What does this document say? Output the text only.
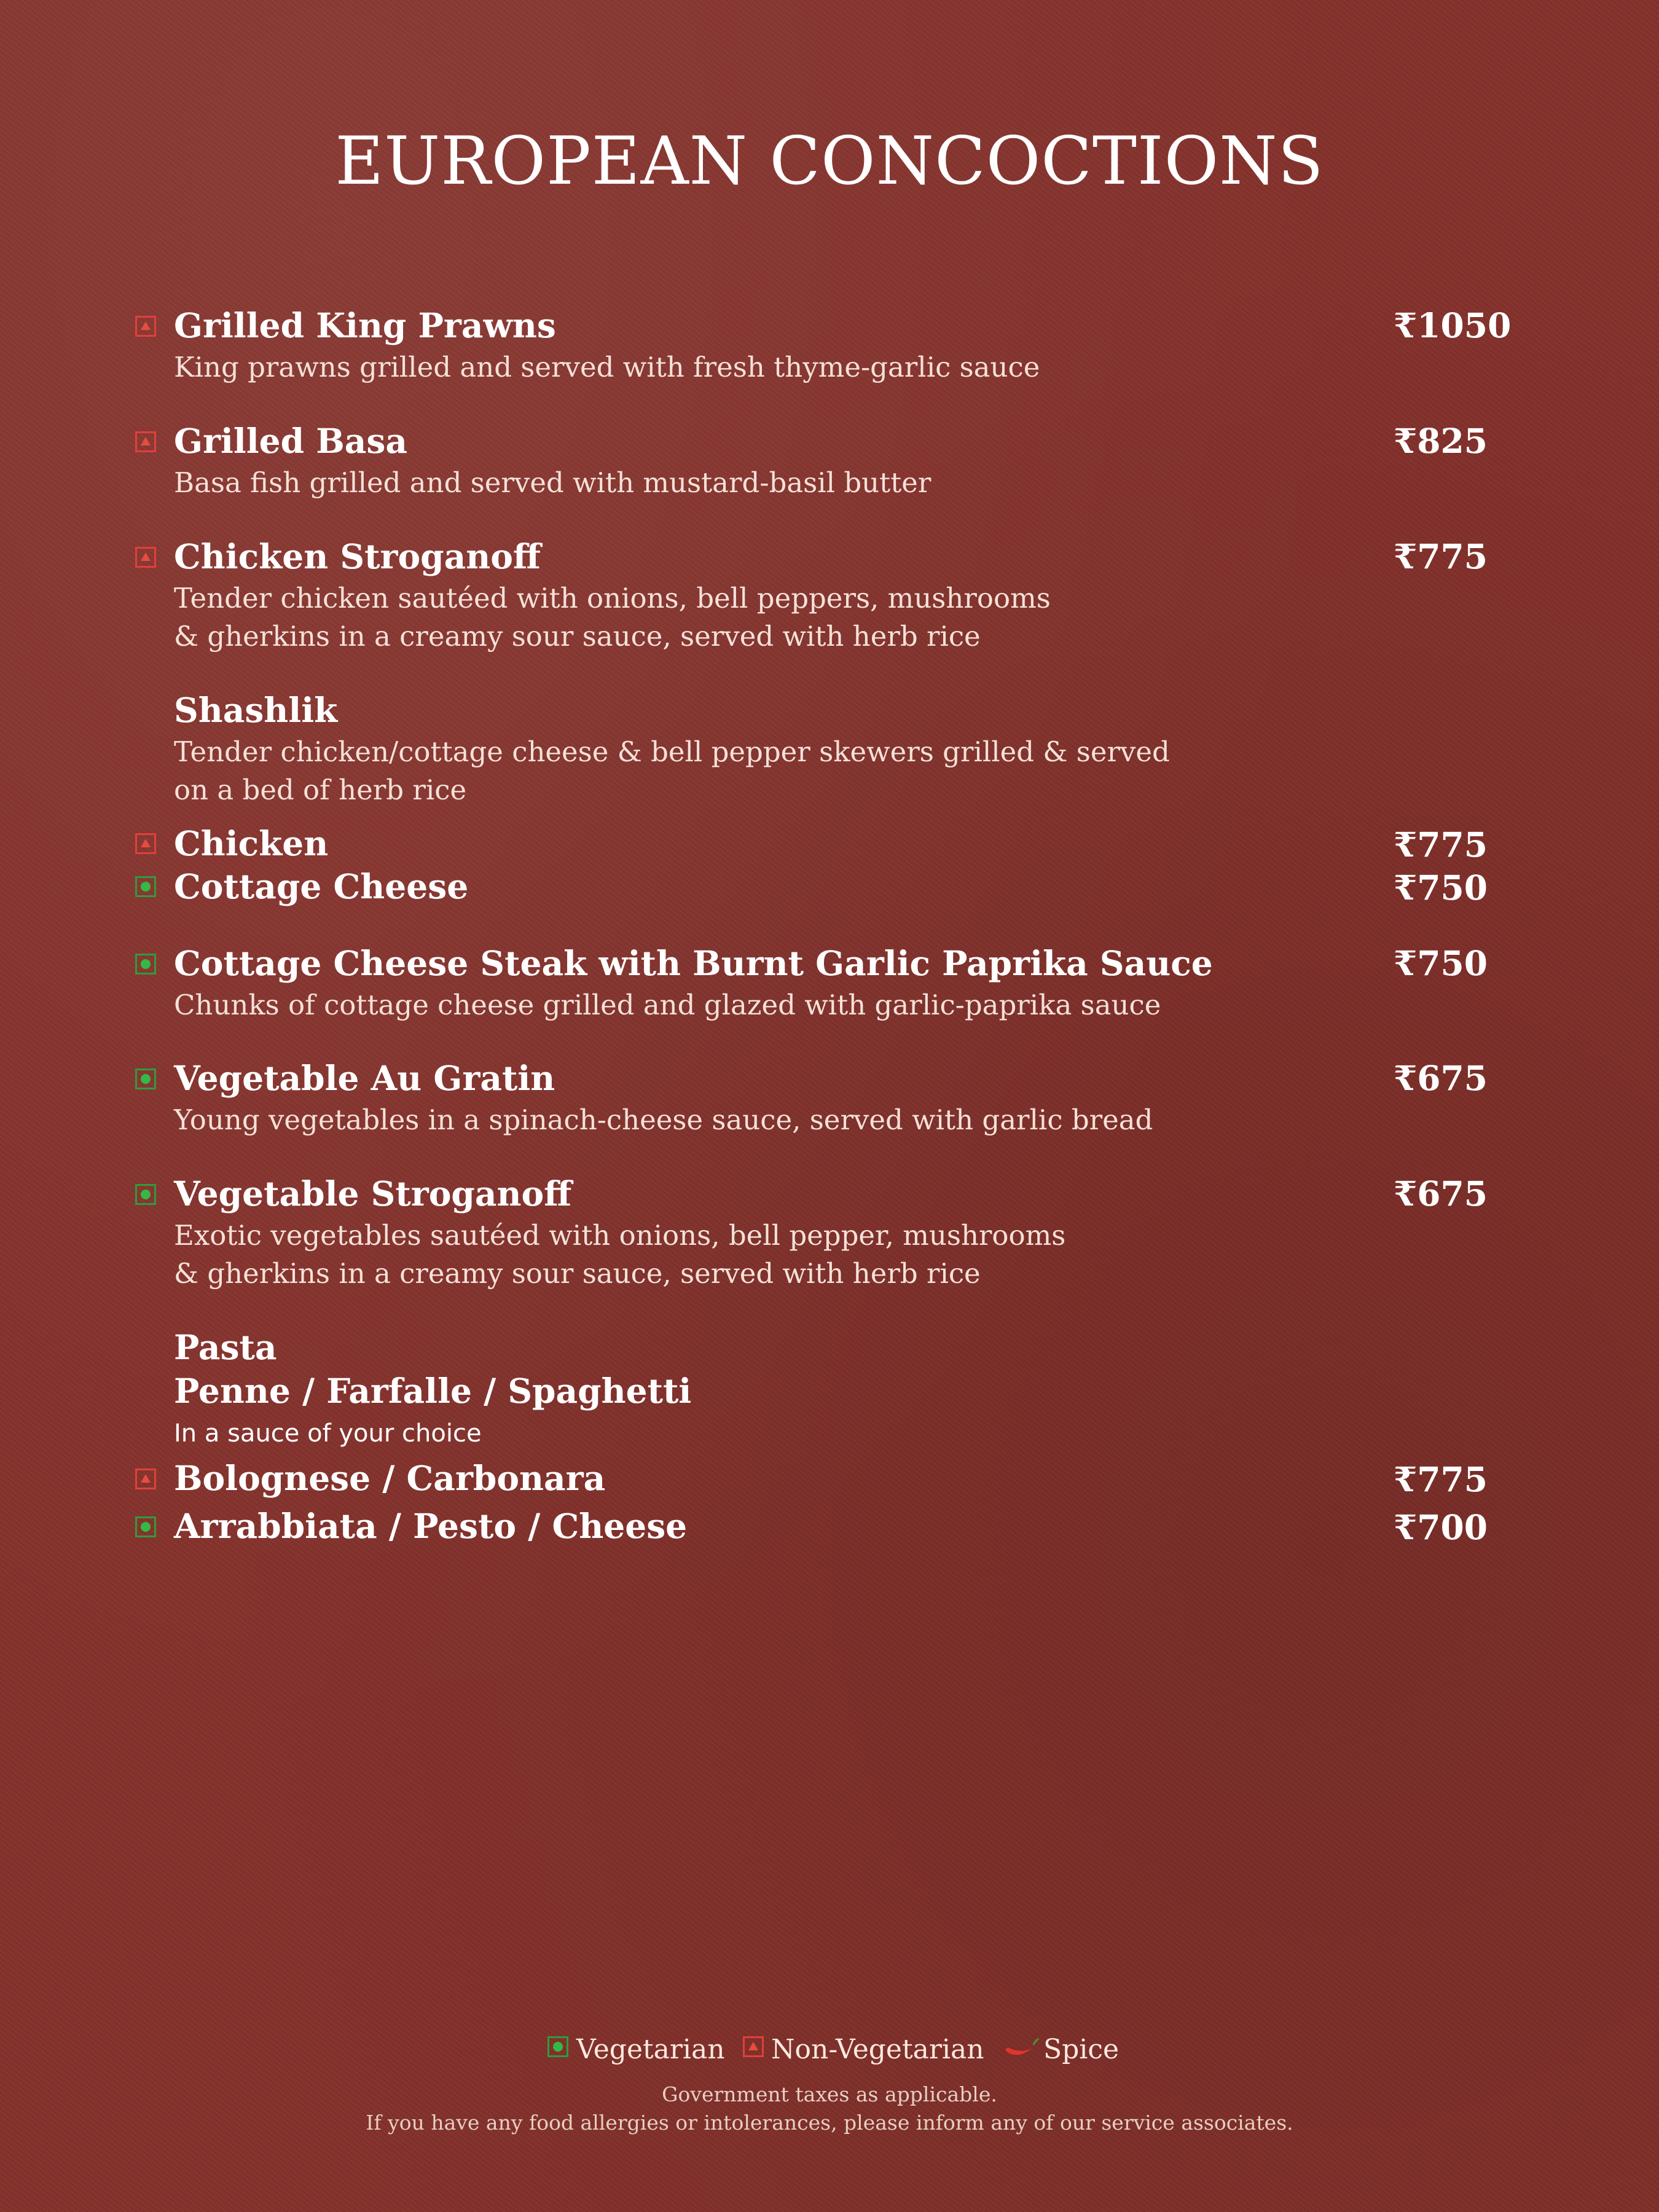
EUROPEAN CONCOCTIONS
Grilled King Prawns	₹1050
King prawns grilled and served with fresh thyme-garlic sauce
Grilled Basa	₹825
Basa fish grilled and served with mustard-basil butter
Chicken Stroganoff	₹775
Tender chicken sautéed with onions, bell peppers, mushrooms
& gherkins in a creamy sour sauce, served with herb rice
Shashlik
Tender chicken/cottage cheese & bell pepper skewers grilled & served
on a bed of herb rice
Chicken	₹775
Cottage Cheese	₹750
Cottage Cheese Steak with Burnt Garlic Paprika Sauce	₹750
Chunks of cottage cheese grilled and glazed with garlic-paprika sauce
Vegetable Au Gratin	₹675
Young vegetables in a spinach-cheese sauce, served with garlic bread
Vegetable Stroganoff	₹675
Exotic vegetables sautéed with onions, bell pepper, mushrooms
& gherkins in a creamy sour sauce, served with herb rice
Pasta
Penne / Farfalle / Spaghetti
In a sauce of your choice
Bolognese / Carbonara	₹775
Arrabbiata / Pesto / Cheese	₹700
Vegetarian Non-Vegetarian Spice

Government taxes as applicable.

If you have any food allergies or intolerances, please inform any of our service associates.
